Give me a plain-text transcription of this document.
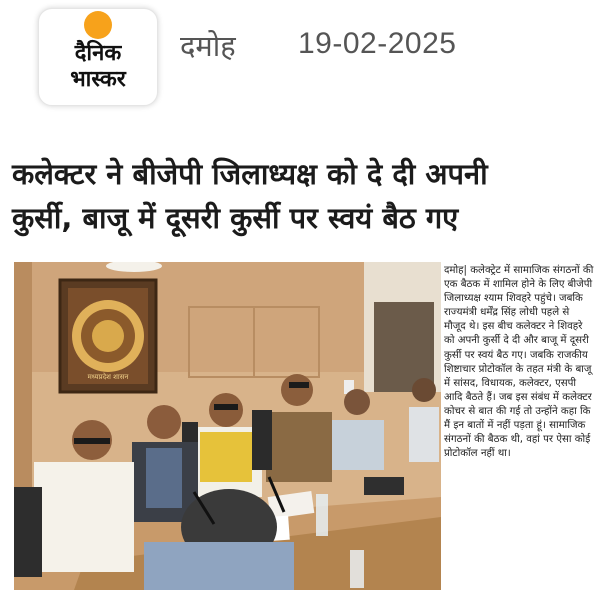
दैनिक
भास्कर
दमोह 19-02-2025
कलेक्टर ने बीजेपी जिलाध्यक्ष को दे दी अपनी
कुर्सी, बाजू में दूसरी कुर्सी पर स्वयं बैठ गए
मध्यप्रदेश शासन

दमोह| कलेक्ट्रेट में सामाजिक संगठनों की एक बैठक में शामिल होने के लिए बीजेपी जिलाध्यक्ष श्याम शिवहरे पहुंचे। जबकि राज्यमंत्री धर्मेंद्र सिंह लोधी पहले से मौजूद थे। इस बीच कलेक्टर ने शिवहरे को अपनी कुर्सी दे दी और बाजू में दूसरी कुर्सी पर स्वयं बैठ गए। जबकि राजकीय शिष्टाचार प्रोटोकॉल के तहत मंत्री के बाजू में सांसद, विधायक, कलेक्टर, एसपी आदि बैठते हैं। जब इस संबंध में कलेक्टर कोचर से बात की गई तो उन्होंने कहा कि मैं इन बातों में नहीं पड़ता हूं। सामाजिक संगठनों की बैठक थी, वहां पर ऐसा कोई प्रोटोकॉल नहीं था।
